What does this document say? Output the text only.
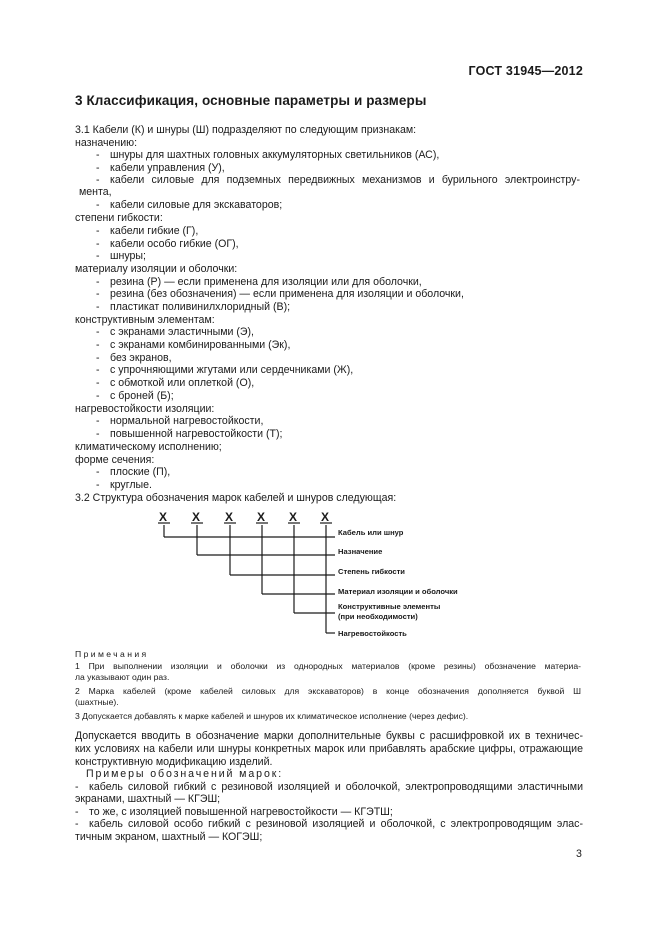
ГОСТ 31945—2012
3 Классификация, основные параметры и размеры
3.1 Кабели (К) и шнуры (Ш) подразделяют по следующим признакам:
назначению:
- шнуры для шахтных головных аккумуляторных светильников (АС),
- кабели управления (У),
- кабели силовые для подземных передвижных механизмов и бурильного электроинстру-
мента,
- кабели силовые для экскаваторов;
степени гибкости:
- кабели гибкие (Г),
- кабели особо гибкие (ОГ),
- шнуры;
материалу изоляции и оболочки:
- резина (Р) — если применена для изоляции или для оболочки,
- резина (без обозначения) — если применена для изоляции и оболочки,
- пластикат поливинилхлоридный (В);
конструктивным элементам:
- с экранами эластичными (Э),
- с экранами комбинированными (Эк),
- без экранов,
- с упрочняющими жгутами или сердечниками (Ж),
- с обмоткой или оплеткой (О),
- с броней (Б);
нагревостойкости изоляции:
- нормальной нагревостойкости,
- повышенной нагревостойкости (Т);
климатическому исполнению;
форме сечения:
- плоские (П),
- круглые.
3.2 Структура обозначения марок кабелей и шнуров следующая:
X X X X X X
Кабель или шнур
Назначение
Степень гибкости
Материал изоляции и оболочки
Конструктивные элементы
(при необходимости)
Нагревостойкость
Примечания
1 При выполнении изоляции и оболочки из однородных материалов (кроме резины) обозначение материа-
ла указывают один раз.
2 Марка кабелей (кроме кабелей силовых для экскаваторов) в конце обозначения дополняется буквой Ш
(шахтные).
3 Допускается добавлять к марке кабелей и шнуров их климатическое исполнение (через дефис).
Допускается вводить в обозначение марки дополнительные буквы с расшифровкой их в техничес-
ких условиях на кабели или шнуры конкретных марок или прибавлять арабские цифры, отражающие
конструктивную модификацию изделий.
Примеры обозначений марок:
- кабель силовой гибкий с резиновой изоляцией и оболочкой, электропроводящими эластичными
экранами, шахтный — КГЭШ;
- то же, с изоляцией повышенной нагревостойкости — КГЭТШ;
- кабель силовой особо гибкий с резиновой изоляцией и оболочкой, с электропроводящим элас-
тичным экраном, шахтный — КОГЭШ;
3
